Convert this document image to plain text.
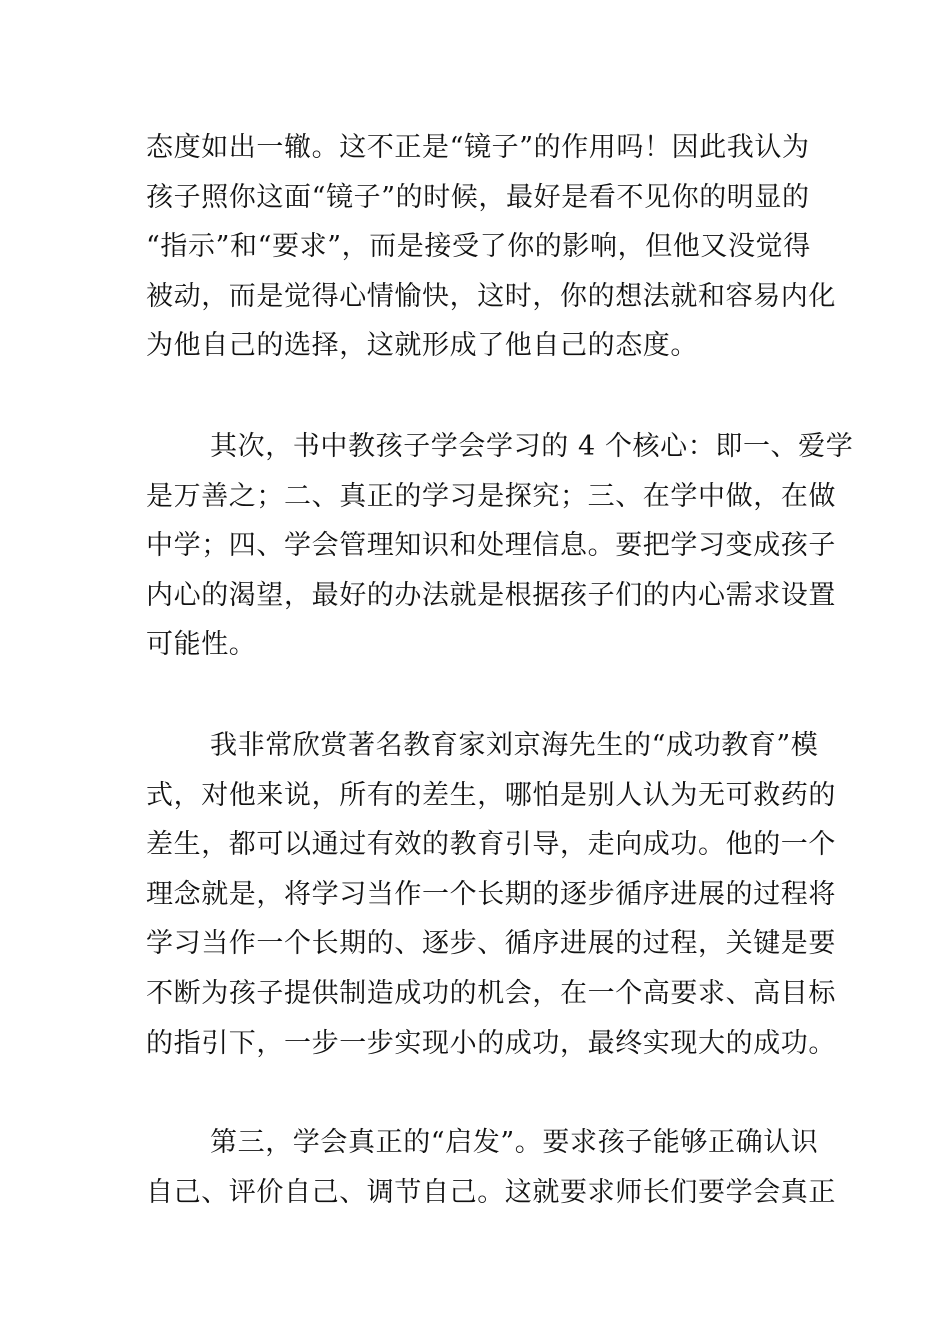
态度如出一辙。这不正是“镜子”的作用吗！因此我认为
孩子照你这面“镜子”的时候，最好是看不见你的明显的
“指示”和“要求”，而是接受了你的影响，但他又没觉得
被动，而是觉得心情愉快，这时，你的想法就和容易内化
为他自己的选择，这就形成了他自己的态度。
其次，书中教孩子学会学习的 4 个核心：即一、爱学
是万善之；二、真正的学习是探究；三、在学中做，在做
中学；四、学会管理知识和处理信息。要把学习变成孩子
内心的渴望，最好的办法就是根据孩子们的内心需求设置
可能性。
我非常欣赏著名教育家刘京海先生的“成功教育”模
式，对他来说，所有的差生，哪怕是别人认为无可救药的
差生，都可以通过有效的教育引导，走向成功。他的一个
理念就是，将学习当作一个长期的逐步循序进展的过程将
学习当作一个长期的、逐步、循序进展的过程，关键是要
不断为孩子提供制造成功的机会，在一个高要求、高目标
的指引下，一步一步实现小的成功，最终实现大的成功。
第三，学会真正的“启发”。要求孩子能够正确认识
自己、评价自己、调节自己。这就要求师长们要学会真正
